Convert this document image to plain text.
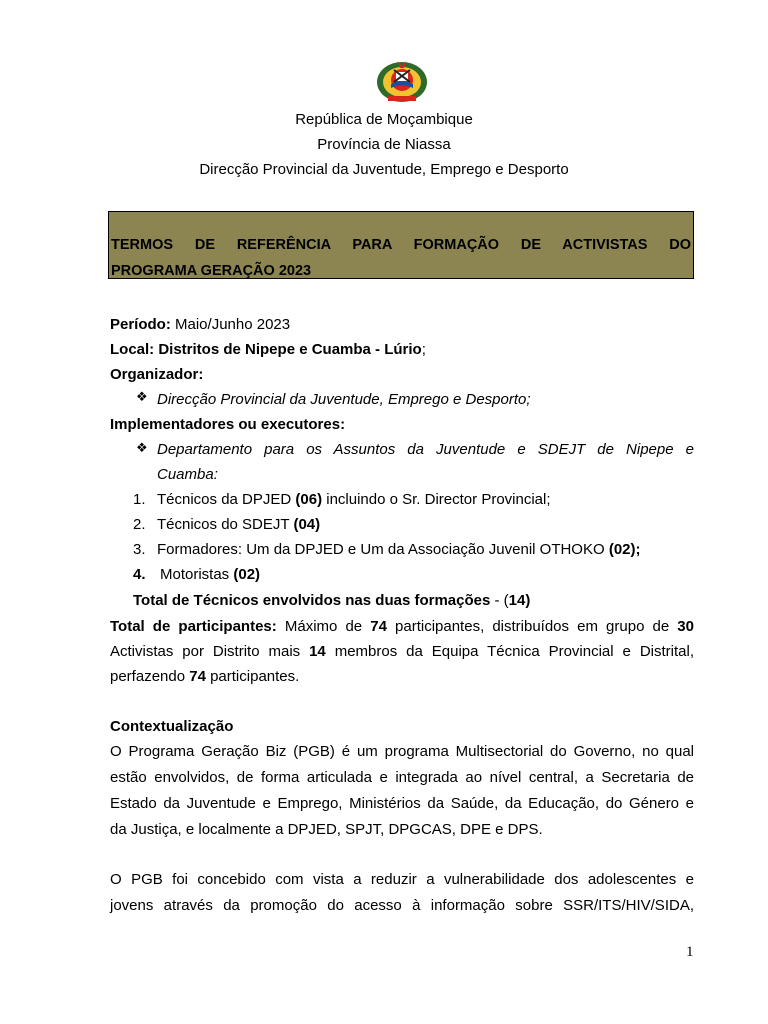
República de Moçambique
Província de Niassa
Direcção Provincial da Juventude, Emprego e Desporto
TERMOS DE REFERÊNCIA PARA FORMAÇÃO DE ACTIVISTAS DO
PROGRAMA GERAÇÃO 2023
Período: Maio/Junho 2023
Local: Distritos de Nipepe e Cuamba - Lúrio;
Organizador:
❖ Direcção Provincial da Juventude, Emprego e Desporto;
Implementadores ou executores:
❖ Departamento para os Assuntos da Juventude e SDEJT de Nipepe e
Cuamba:
1. Técnicos da DPJED (06) incluindo o Sr. Director Provincial;
2. Técnicos do SDEJT (04)
3. Formadores: Um da DPJED e Um da Associação Juvenil OTHOKO (02);
4. Motoristas (02)
Total de Técnicos envolvidos nas duas formações - (14)
Total de participantes: Máximo de 74 participantes, distribuídos em grupo de 30
Activistas por Distrito mais 14 membros da Equipa Técnica Provincial e Distrital,
perfazendo 74 participantes.
Contextualização
O Programa Geração Biz (PGB) é um programa Multisectorial do Governo, no qual
estão envolvidos, de forma articulada e integrada ao nível central, a Secretaria de
Estado da Juventude e Emprego, Ministérios da Saúde, da Educação, do Género e
da Justiça, e localmente a DPJED, SPJT, DPGCAS, DPE e DPS.
O PGB foi concebido com vista a reduzir a vulnerabilidade dos adolescentes e
jovens através da promoção do acesso à informação sobre SSR/ITS/HIV/SIDA,
1
